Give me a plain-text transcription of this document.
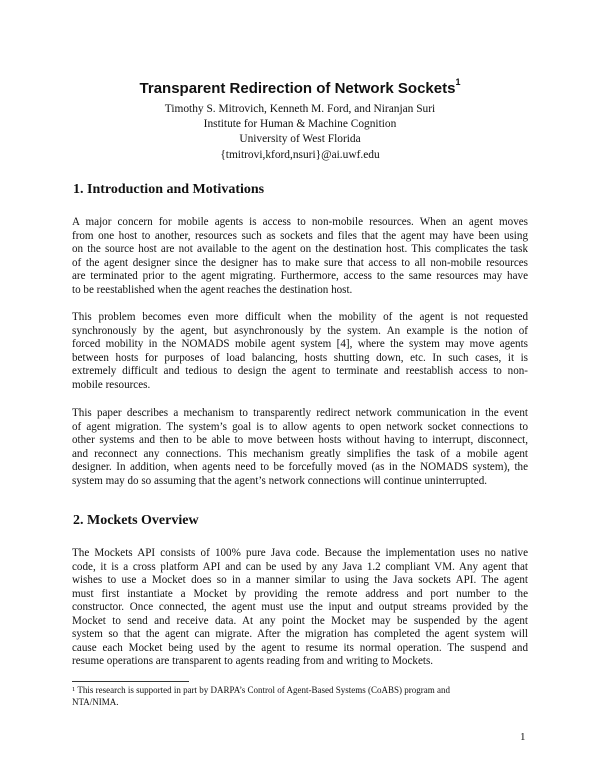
Transparent Redirection of Network Sockets$^1$
Timothy S. Mitrovich, Kenneth M. Ford, and Niranjan Suri
Institute for Human & Machine Cognition
University of West Florida
{tmitrovi,kford,nsuri}@ai.uwf.edu
1. Introduction and Motivations
A major concern for mobile agents is access to non-mobile resources. When an agent moves
from one host to another, resources such as sockets and files that the agent may have been using
on the source host are not available to the agent on the destination host. This complicates the task
of the agent designer since the designer has to make sure that access to all non-mobile resources
are terminated prior to the agent migrating. Furthermore, access to the same resources may have
to be reestablished when the agent reaches the destination host.
This problem becomes even more difficult when the mobility of the agent is not requested
synchronously by the agent, but asynchronously by the system. An example is the notion of
forced mobility in the NOMADS mobile agent system [4], where the system may move agents
between hosts for purposes of load balancing, hosts shutting down, etc. In such cases, it is
extremely difficult and tedious to design the agent to terminate and reestablish access to non-
mobile resources.
This paper describes a mechanism to transparently redirect network communication in the event
of agent migration. The system’s goal is to allow agents to open network socket connections to
other systems and then to be able to move between hosts without having to interrupt, disconnect,
and reconnect any connections. This mechanism greatly simplifies the task of a mobile agent
designer. In addition, when agents need to be forcefully moved (as in the NOMADS system), the
system may do so assuming that the agent’s network connections will continue uninterrupted.
2. Mockets Overview
The Mockets API consists of 100% pure Java code. Because the implementation uses no native
code, it is a cross platform API and can be used by any Java 1.2 compliant VM. Any agent that
wishes to use a Mocket does so in a manner similar to using the Java sockets API. The agent
must first instantiate a Mocket by providing the remote address and port number to the
constructor. Once connected, the agent must use the input and output streams provided by the
Mocket to send and receive data. At any point the Mocket may be suspended by the agent
system so that the agent can migrate. After the migration has completed the agent system will
cause each Mocket being used by the agent to resume its normal operation. The suspend and
resume operations are transparent to agents reading from and writing to Mockets.
$^1$ This research is supported in part by DARPA’s Control of Agent-Based Systems (CoABS) program and
NTA/NIMA.
1
